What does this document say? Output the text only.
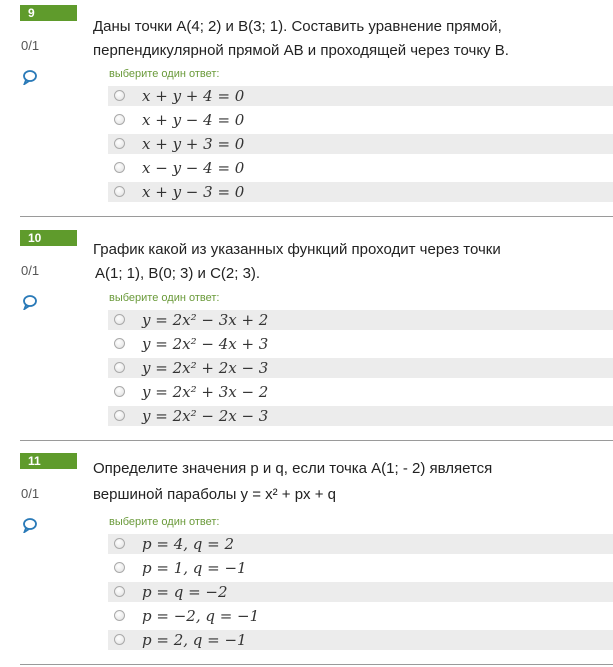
9
0/1
Даны точки А(4; 2) и В(3; 1). Составить уравнение прямой,
перпендикулярной прямой АВ и проходящей через точку В.
выберите один ответ:
x + y + 4 = 0
x + y − 4 = 0
x + y + 3 = 0
x − y − 4 = 0
x + y − 3 = 0
10
0/1
График какой из указанных функций проходит через точки
A(1; 1), B(0; 3) и C(2; 3).
выберите один ответ:
y = 2x² − 3x + 2
y = 2x² − 4x + 3
y = 2x² + 2x − 3
y = 2x² + 3x − 2
y = 2x² − 2x − 3
11
0/1
Определите значения p и q, если точка A(1; - 2) является
вершиной параболы y = x² + px + q
выберите один ответ:
p = 4, q = 2
p = 1, q = −1
p = q = −2
p = −2, q = −1
p = 2, q = −1
